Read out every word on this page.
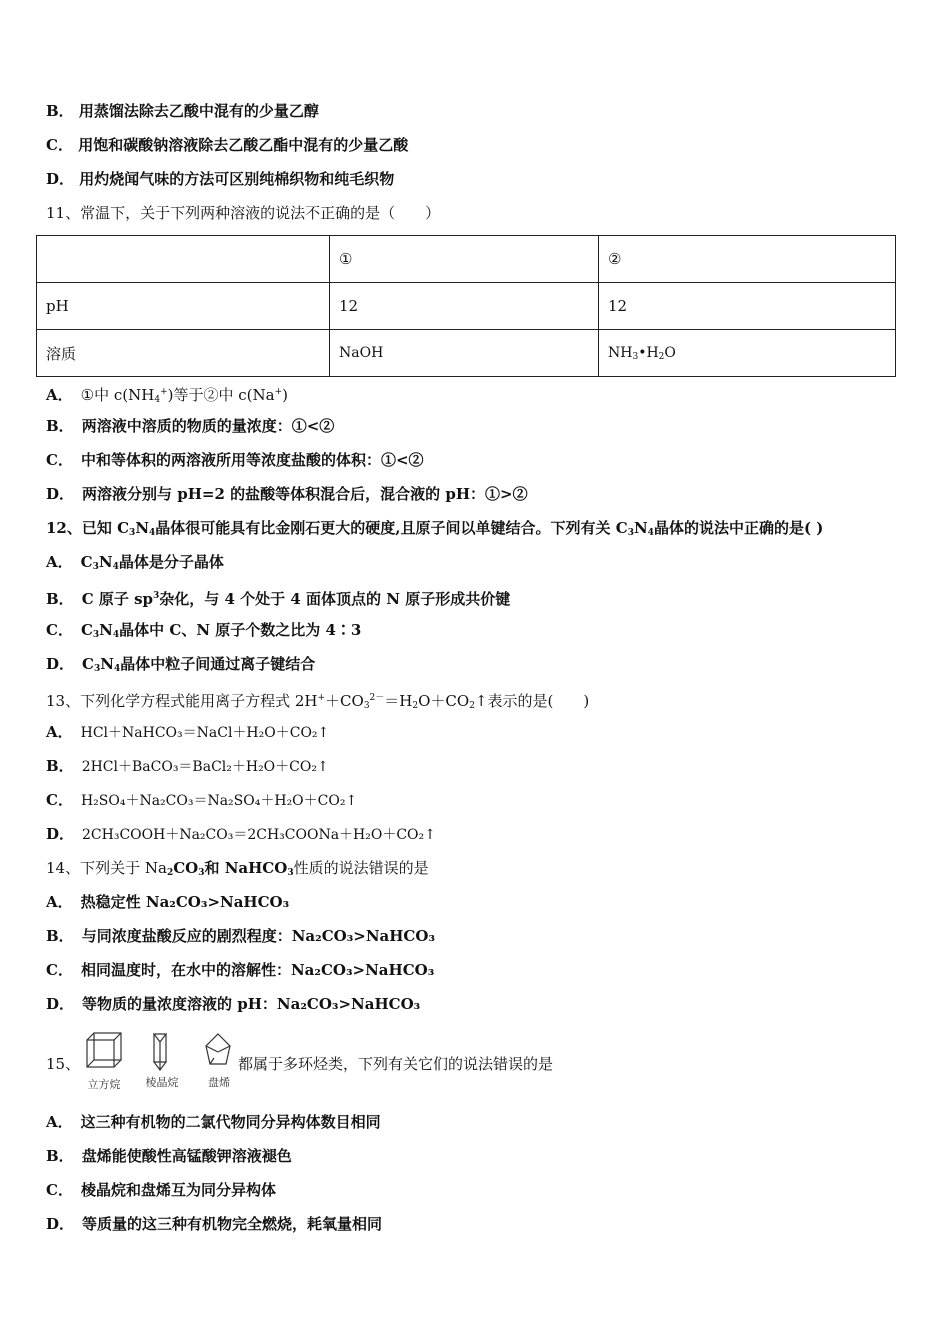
B． 用蒸馏法除去乙酸中混有的少量乙醇
C． 用饱和碳酸钠溶液除去乙酸乙酯中混有的少量乙酸
D． 用灼烧闻气味的方法可区别纯棉织物和纯毛织物
11、常温下，关于下列两种溶液的说法不正确的是（　　）
	①	②
pH	12	12
溶质	NaOH	$NH_3•H_2O$
A． ①中 $c(NH_4^+)$等于②中 c(Na+)
B． 两溶液中溶质的物质的量浓度：①<②
C． 中和等体积的两溶液所用等浓度盐酸的体积：①<②
D． 两溶液分别与 pH=2 的盐酸等体积混合后，混合液的 pH：①>②
12、已知 $C_3N_4$晶体很可能具有比金刚石更大的硬度,且原子间以单键结合。下列有关 $C_3N_4$晶体的说法中正确的是( )
A． $C_3N_4$晶体是分子晶体
B． C 原子 $sp^3$杂化，与 4 个处于 4 面体顶点的 N 原子形成共价键
C． $C_3N_4$晶体中 C、N 原子个数之比为 4∶3
D． $C_3N_4$晶体中粒子间通过离子键结合
13、下列化学方程式能用离子方程式 $2H^++CO_3^{2-}=H_2O+CO_2↑$表示的是(　　)
A． HCl＋NaHCO₃＝NaCl＋H₂O＋CO₂↑
B． 2HCl＋BaCO₃＝BaCl₂＋H₂O＋CO₂↑
C． H₂SO₄＋Na₂CO₃＝Na₂SO₄＋H₂O＋CO₂↑
D． 2CH₃COOH＋Na₂CO₃＝2CH₃COONa＋H₂O＋CO₂↑
14、下列关于 $Na_2CO_3$和 NaHCO$_3$性质的说法错误的是
A． 热稳定性 Na₂CO₃>NaHCO₃
B． 与同浓度盐酸反应的剧烈程度：Na₂CO₃>NaHCO₃
C． 相同温度时，在水中的溶解性：Na₂CO₃>NaHCO₃
D． 等物质的量浓度溶液的 pH：Na₂CO₃>NaHCO₃
15、
立方烷 棱晶烷	盘烯
都属于多环烃类，下列有关它们的说法错误的是
A． 这三种有机物的二氯代物同分异构体数目相同
B． 盘烯能使酸性高锰酸钾溶液褪色
C． 棱晶烷和盘烯互为同分异构体
D． 等质量的这三种有机物完全燃烧，耗氧量相同
